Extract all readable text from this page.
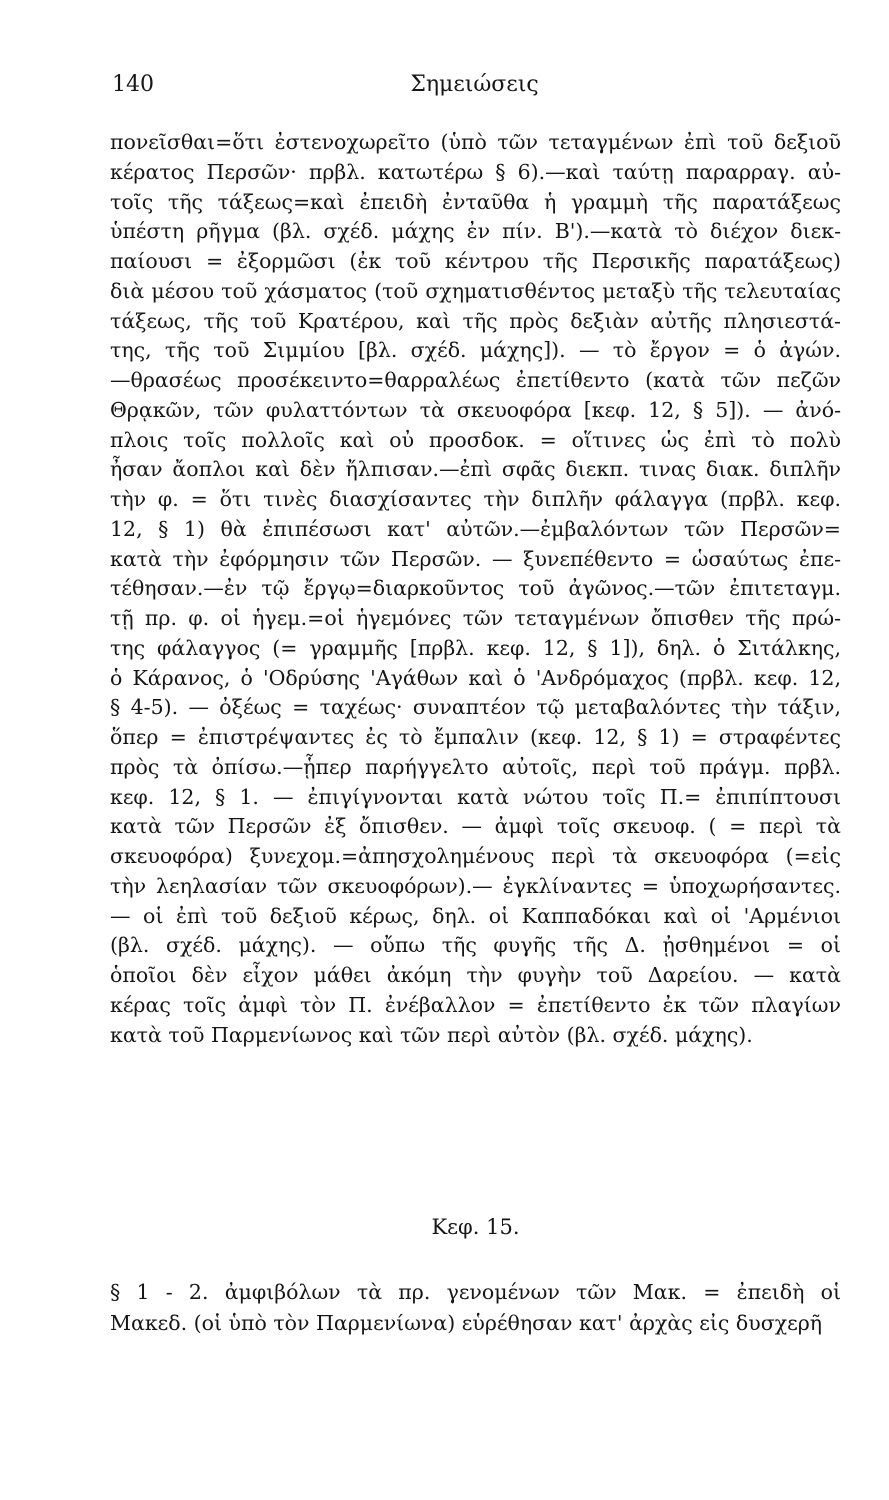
140	Σημειώσεις
πονεῖσθαι=ὅτι ἐστενοχωρεῖτο (ὑπὸ τῶν τεταγμένων ἐπὶ τοῦ δεξιοῦ
κέρατος Περσῶν· πρβλ. κατωτέρω § 6).—καὶ ταύτῃ παραρραγ. αὐ-
τοῖς τῆς τάξεως=καὶ ἐπειδὴ ἐνταῦθα ἡ γραμμὴ τῆς παρατάξεως
ὑπέστη ρῆγμα (βλ. σχέδ. μάχης ἐν πίν. Β').—κατὰ τὸ διέχον διεκ-
παίουσι = ἐξορμῶσι (ἐκ τοῦ κέντρου τῆς Περσικῆς παρατάξεως)
διὰ μέσου τοῦ χάσματος (τοῦ σχηματισθέντος μεταξὺ τῆς τελευταίας
τάξεως, τῆς τοῦ Κρατέρου, καὶ τῆς πρὸς δεξιὰν αὐτῆς πλησιεστά-
της, τῆς τοῦ Σιμμίου [βλ. σχέδ. μάχης]). — τὸ ἔργον = ὁ ἀγών.
—θρασέως προσέκειντο=θαρραλέως ἐπετίθεντο (κατὰ τῶν πεζῶν
Θρᾳκῶν, τῶν φυλαττόντων τὰ σκευοφόρα [κεφ. 12, § 5]). — ἀνό-
πλοις τοῖς πολλοῖς καὶ οὐ προσδοκ. = οἵτινες ὡς ἐπὶ τὸ πολὺ
ἦσαν ἄοπλοι καὶ δὲν ἤλπισαν.—ἐπὶ σφᾶς διεκπ. τινας διακ. διπλῆν
τὴν φ. = ὅτι τινὲς διασχίσαντες τὴν διπλῆν φάλαγγα (πρβλ. κεφ.
12, § 1) θὰ ἐπιπέσωσι κατ' αὐτῶν.—ἐμβαλόντων τῶν Περσῶν=
κατὰ τὴν ἐφόρμησιν τῶν Περσῶν. — ξυνεπέθεντο = ὡσαύτως ἐπε-
τέθησαν.—ἐν τῷ ἔργῳ=διαρκοῦντος τοῦ ἀγῶνος.—τῶν ἐπιτεταγμ.
τῇ πρ. φ. οἱ ἡγεμ.=οἱ ἡγεμόνες τῶν τεταγμένων ὄπισθεν τῆς πρώ-
της φάλαγγος (= γραμμῆς [πρβλ. κεφ. 12, § 1]), δηλ. ὁ Σιτάλκης,
ὁ Κάρανος, ὁ 'Οδρύσης 'Αγάθων καὶ ὁ 'Ανδρόμαχος (πρβλ. κεφ. 12,
§ 4-5). — ὀξέως = ταχέως· συναπτέον τῷ μεταβαλόντες τὴν τάξιν,
ὅπερ = ἐπιστρέψαντες ἐς τὸ ἔμπαλιν (κεφ. 12, § 1) = στραφέντες
πρὸς τὰ ὀπίσω.—ᾗπερ παρήγγελτο αὐτοῖς, περὶ τοῦ πράγμ. πρβλ.
κεφ. 12, § 1. — ἐπιγίγνονται κατὰ νώτου τοῖς Π.= ἐπιπίπτουσι
κατὰ τῶν Περσῶν ἐξ ὄπισθεν. — ἀμφὶ τοῖς σκευοφ. ( = περὶ τὰ
σκευοφόρα) ξυνεχομ.=ἀπησχολημένους περὶ τὰ σκευοφόρα (=εἰς
τὴν λεηλασίαν τῶν σκευοφόρων).— ἐγκλίναντες = ὑποχωρήσαντες.
— οἱ ἐπὶ τοῦ δεξιοῦ κέρως, δηλ. οἱ Καππαδόκαι καὶ οἱ 'Αρμένιοι
(βλ. σχέδ. μάχης). — οὔπω τῆς φυγῆς τῆς Δ. ᾐσθημένοι = οἱ
ὁποῖοι δὲν εἶχον μάθει ἀκόμη τὴν φυγὴν τοῦ Δαρείου. — κατὰ
κέρας τοῖς ἀμφὶ τὸν Π. ἐνέβαλλον = ἐπετίθεντο ἐκ τῶν πλαγίων
κατὰ τοῦ Παρμενίωνος καὶ τῶν περὶ αὐτὸν (βλ. σχέδ. μάχης).
Κεφ. 15.
§ 1 - 2. ἀμφιβόλων τὰ πρ. γενομένων τῶν Μακ. = ἐπειδὴ οἱ
Μακεδ. (οἱ ὑπὸ τὸν Παρμενίωνα) εὑρέθησαν κατ' ἀρχὰς εἰς δυσχερῆ
